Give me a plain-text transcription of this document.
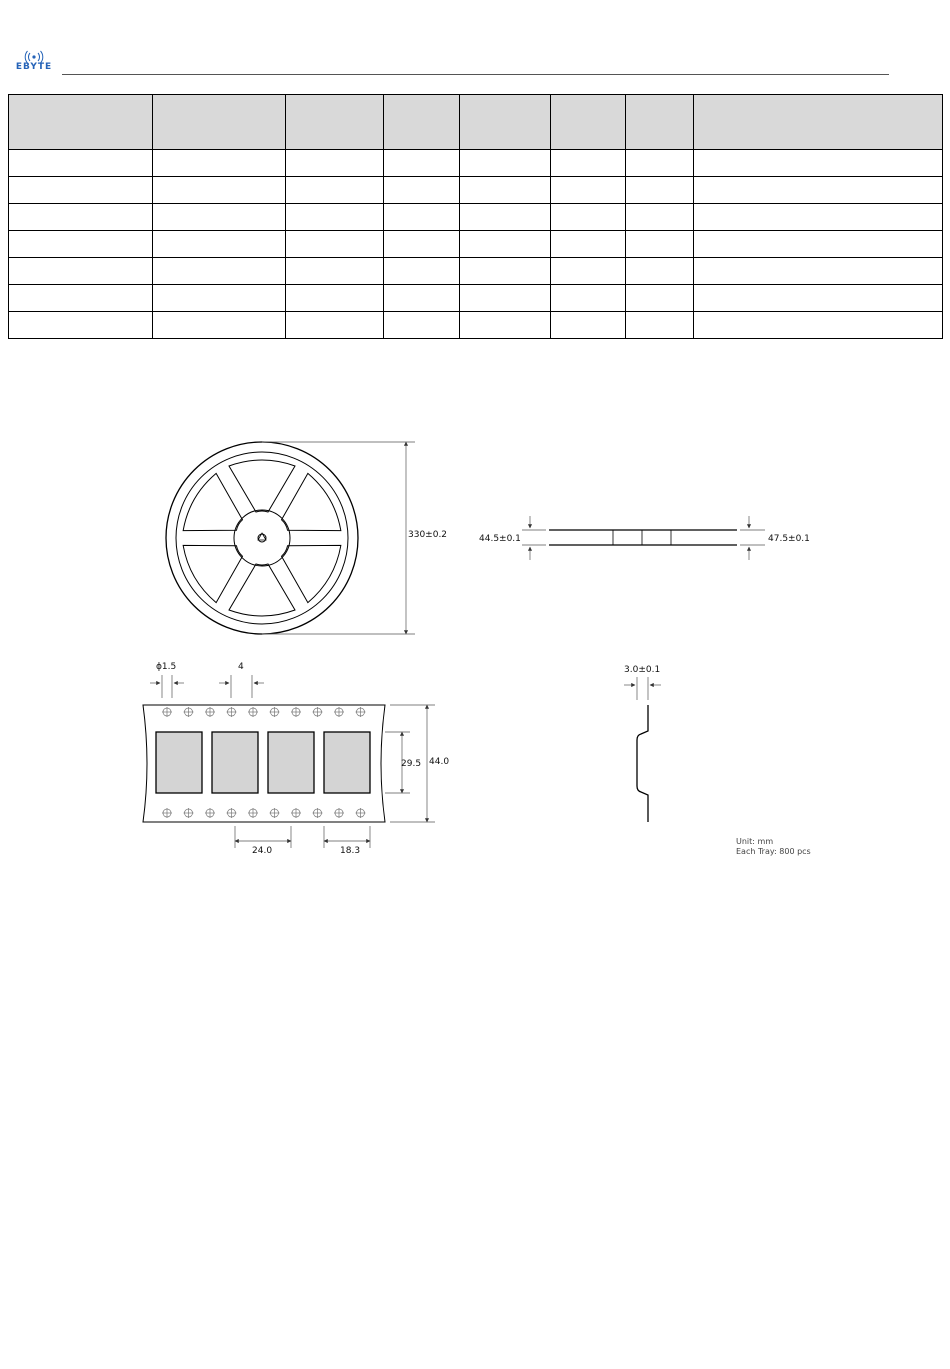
EBYTE

330±0.2	44.5±0.1	47.5±0.1
ϕ1.5	4
29.5 44.0
24.0	18.3
3.0±0.1
Unit: mm
Each Tray: 800 pcs
